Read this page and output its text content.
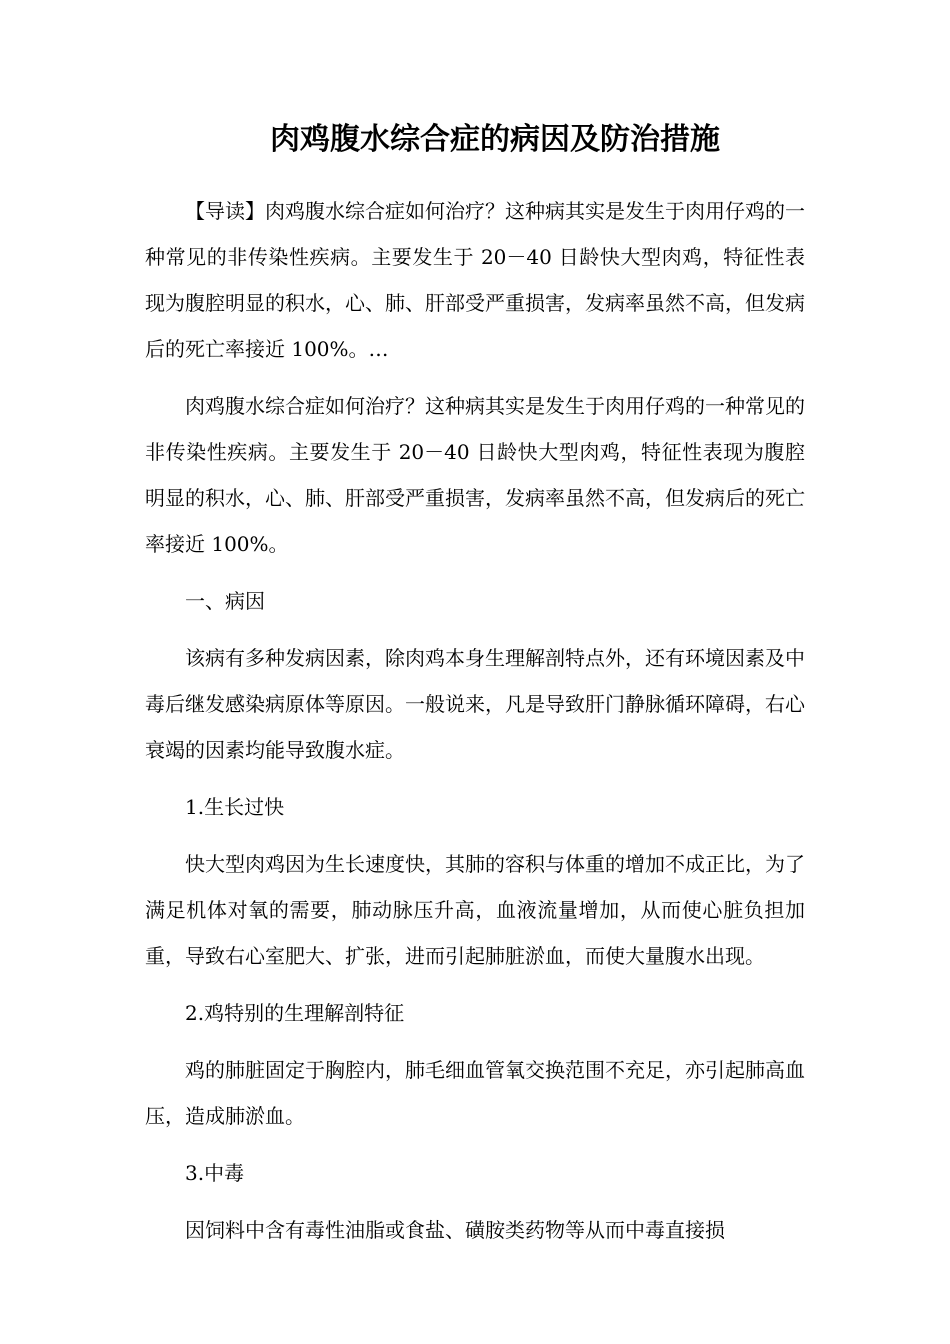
肉鸡腹水综合症的病因及防治措施

【导读】肉鸡腹水综合症如何治疗？这种病其实是发生于肉用仔鸡的一种常见的非传染性疾病。主要发生于 20－40 日龄快大型肉鸡，特征性表现为腹腔明显的积水，心、肺、肝部受严重损害，发病率虽然不高，但发病后的死亡率接近 100%。…

肉鸡腹水综合症如何治疗？这种病其实是发生于肉用仔鸡的一种常见的非传染性疾病。主要发生于 20－40 日龄快大型肉鸡，特征性表现为腹腔明显的积水，心、肺、肝部受严重损害，发病率虽然不高，但发病后的死亡率接近 100%。

一、病因

该病有多种发病因素，除肉鸡本身生理解剖特点外，还有环境因素及中毒后继发感染病原体等原因。一般说来，凡是导致肝门静脉循环障碍，右心衰竭的因素均能导致腹水症。

1.生长过快

快大型肉鸡因为生长速度快，其肺的容积与体重的增加不成正比，为了满足机体对氧的需要，肺动脉压升高，血液流量增加，从而使心脏负担加重，导致右心室肥大、扩张，进而引起肺脏淤血，而使大量腹水出现。

2.鸡特别的生理解剖特征

鸡的肺脏固定于胸腔内，肺毛细血管氧交换范围不充足，亦引起肺高血压，造成肺淤血。

3.中毒

因饲料中含有毒性油脂或食盐、磺胺类药物等从而中毒直接损
